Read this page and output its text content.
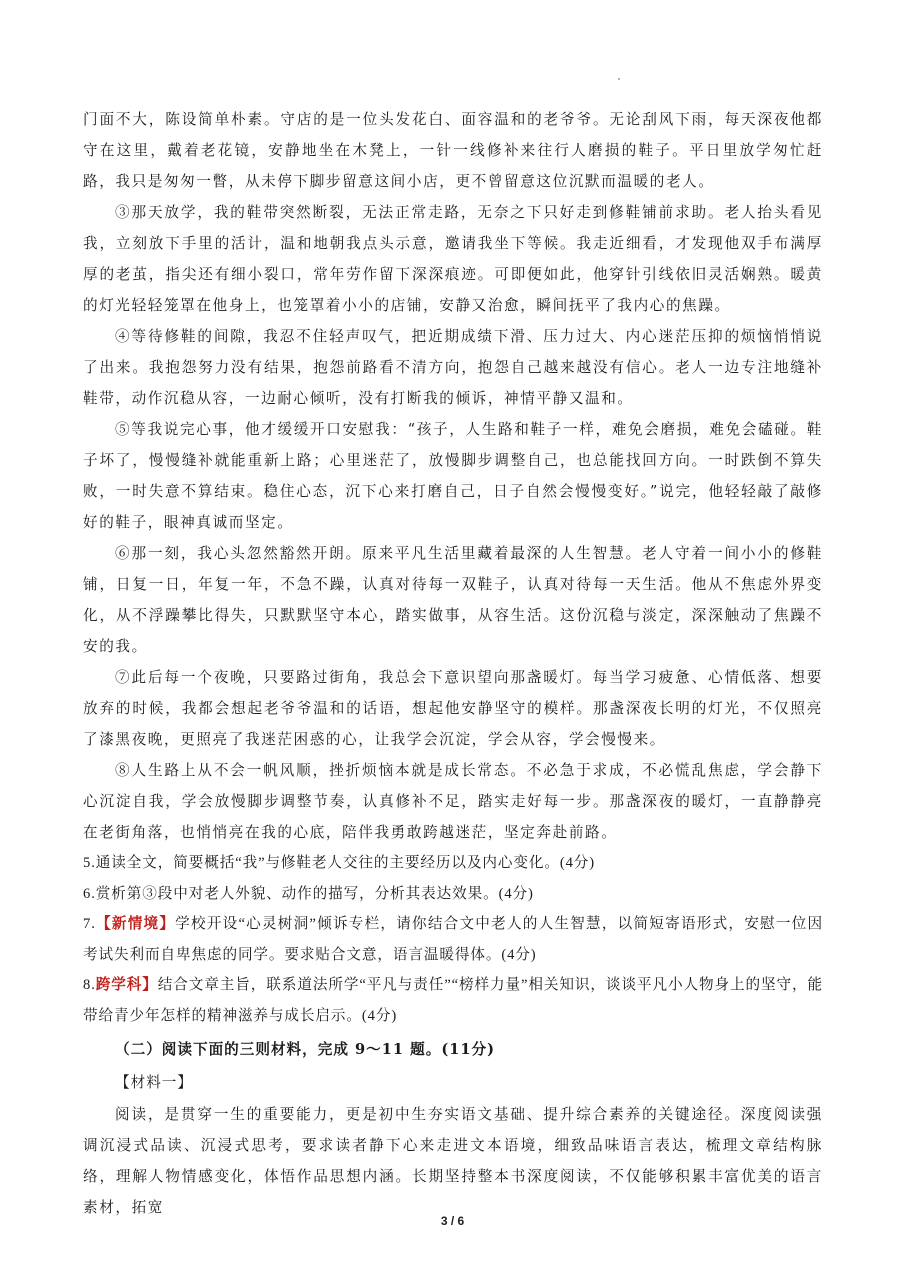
门面不大，陈设简单朴素。守店的是一位头发花白、面容温和的老爷爷。无论刮风下雨，每天深夜他都守在这里，戴着老花镜，安静地坐在木凳上，一针一线修补来往行人磨损的鞋子。平日里放学匆忙赶路，我只是匆匆一瞥，从未停下脚步留意这间小店，更不曾留意这位沉默而温暖的老人。

③那天放学，我的鞋带突然断裂，无法正常走路，无奈之下只好走到修鞋铺前求助。老人抬头看见我，立刻放下手里的活计，温和地朝我点头示意，邀请我坐下等候。我走近细看，才发现他双手布满厚厚的老茧，指尖还有细小裂口，常年劳作留下深深痕迹。可即便如此，他穿针引线依旧灵活娴熟。暖黄的灯光轻轻笼罩在他身上，也笼罩着小小的店铺，安静又治愈，瞬间抚平了我内心的焦躁。

④等待修鞋的间隙，我忍不住轻声叹气，把近期成绩下滑、压力过大、内心迷茫压抑的烦恼悄悄说了出来。我抱怨努力没有结果，抱怨前路看不清方向，抱怨自己越来越没有信心。老人一边专注地缝补鞋带，动作沉稳从容，一边耐心倾听，没有打断我的倾诉，神情平静又温和。

⑤等我说完心事，他才缓缓开口安慰我：“孩子，人生路和鞋子一样，难免会磨损，难免会磕碰。鞋子坏了，慢慢缝补就能重新上路；心里迷茫了，放慢脚步调整自己，也总能找回方向。一时跌倒不算失败，一时失意不算结束。稳住心态，沉下心来打磨自己，日子自然会慢慢变好。”说完，他轻轻敲了敲修好的鞋子，眼神真诚而坚定。

⑥那一刻，我心头忽然豁然开朗。原来平凡生活里藏着最深的人生智慧。老人守着一间小小的修鞋铺，日复一日，年复一年，不急不躁，认真对待每一双鞋子，认真对待每一天生活。他从不焦虑外界变化，从不浮躁攀比得失，只默默坚守本心，踏实做事，从容生活。这份沉稳与淡定，深深触动了焦躁不安的我。

⑦此后每一个夜晚，只要路过街角，我总会下意识望向那盏暖灯。每当学习疲惫、心情低落、想要放弃的时候，我都会想起老爷爷温和的话语，想起他安静坚守的模样。那盏深夜长明的灯光，不仅照亮了漆黑夜晚，更照亮了我迷茫困惑的心，让我学会沉淀，学会从容，学会慢慢来。

⑧人生路上从不会一帆风顺，挫折烦恼本就是成长常态。不必急于求成，不必慌乱焦虑，学会静下心沉淀自我，学会放慢脚步调整节奏，认真修补不足，踏实走好每一步。那盏深夜的暖灯，一直静静亮在老街角落，也悄悄亮在我的心底，陪伴我勇敢跨越迷茫，坚定奔赴前路。

5.通读全文，简要概括“我”与修鞋老人交往的主要经历以及内心变化。(4分)

6.赏析第③段中对老人外貌、动作的描写，分析其表达效果。(4分)

7.【新情境】学校开设“心灵树洞”倾诉专栏，请你结合文中老人的人生智慧，以简短寄语形式，安慰一位因考试失利而自卑焦虑的同学。要求贴合文意，语言温暖得体。(4分)

8.跨学科】结合文章主旨，联系道法所学“平凡与责任”“榜样力量”相关知识，谈谈平凡小人物身上的坚守，能带给青少年怎样的精神滋养与成长启示。(4分)

（二）阅读下面的三则材料，完成 9～11 题。(11分)

【材料一】

阅读，是贯穿一生的重要能力，更是初中生夯实语文基础、提升综合素养的关键途径。深度阅读强调沉浸式品读、沉浸式思考，要求读者静下心来走进文本语境，细致品味语言表达，梳理文章结构脉络，理解人物情感变化，体悟作品思想内涵。长期坚持整本书深度阅读，不仅能够积累丰富优美的语言素材，拓宽

3 / 6
